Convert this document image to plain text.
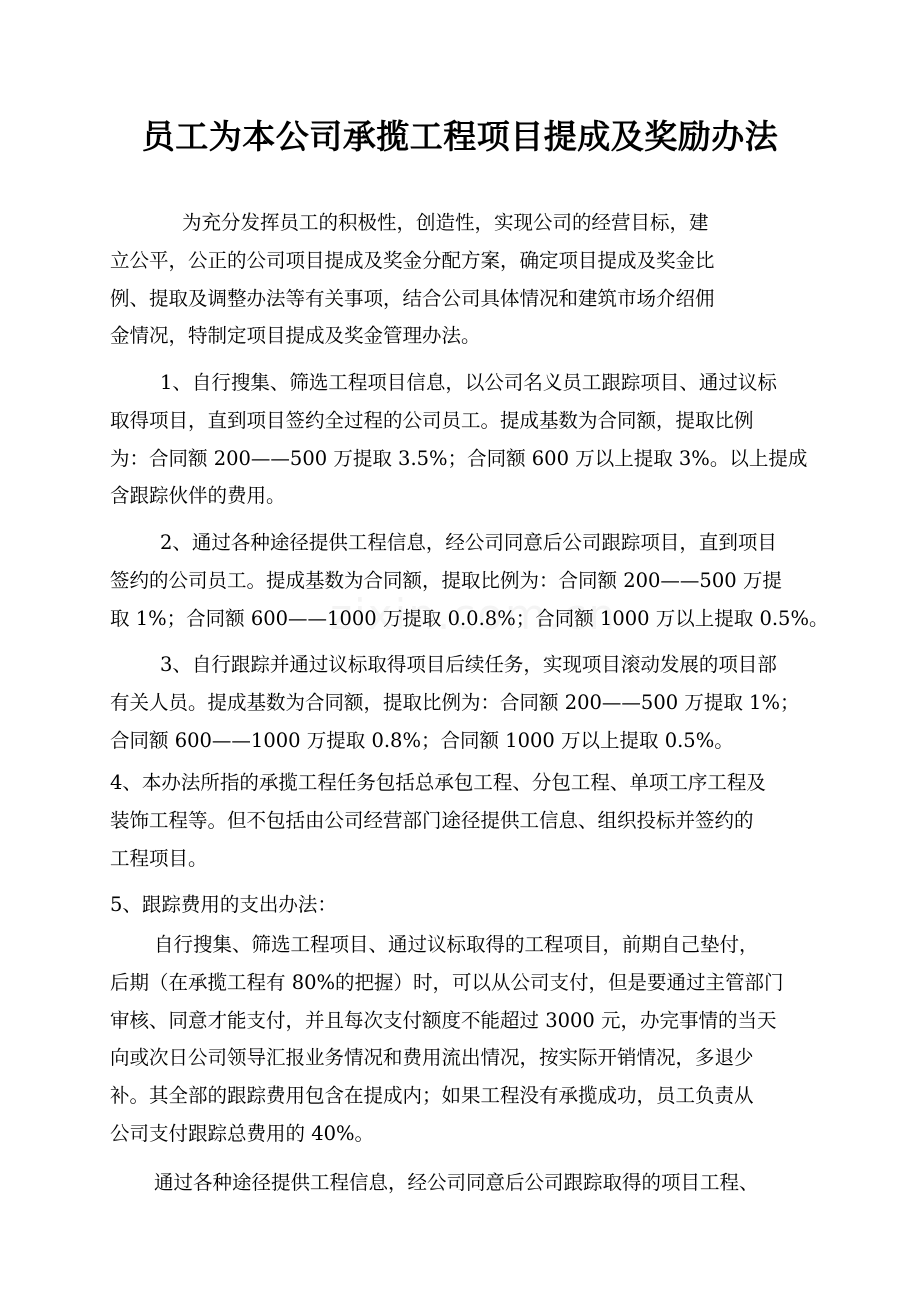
员工为本公司承揽工程项目提成及奖励办法
为充分发挥员工的积极性，创造性，实现公司的经营目标，建
立公平，公正的公司项目提成及奖金分配方案，确定项目提成及奖金比
例、提取及调整办法等有关事项，结合公司具体情况和建筑市场介绍佣
金情况，特制定项目提成及奖金管理办法。
1、自行搜集、筛选工程项目信息，以公司名义员工跟踪项目、通过议标
取得项目，直到项目签约全过程的公司员工。提成基数为合同额，提取比例
为：合同额 200——500 万提取 3.5%；合同额 600 万以上提取 3%。以上提成
含跟踪伙伴的费用。
2、通过各种途径提供工程信息，经公司同意后公司跟踪项目，直到项目
签约的公司员工。提成基数为合同额，提取比例为：合同额 200——500 万提
取 1%；合同额 600——1000 万提取 0.0.8%；合同额 1000 万以上提取 0.5%。
3、自行跟踪并通过议标取得项目后续任务，实现项目滚动发展的项目部
有关人员。提成基数为合同额，提取比例为：合同额 200——500 万提取 1%；
合同额 600——1000 万提取 0.8%；合同额 1000 万以上提取 0.5%。
4、本办法所指的承揽工程任务包括总承包工程、分包工程、单项工序工程及
装饰工程等。但不包括由公司经营部门途径提供工信息、组织投标并签约的
工程项目。
5、跟踪费用的支出办法：
自行搜集、筛选工程项目、通过议标取得的工程项目，前期自己垫付，
后期（在承揽工程有 80%的把握）时，可以从公司支付，但是要通过主管部门
审核、同意才能支付，并且每次支付额度不能超过 3000 元，办完事情的当天
向或次日公司领导汇报业务情况和费用流出情况，按实际开销情况，多退少
补。其全部的跟踪费用包含在提成内；如果工程没有承揽成功，员工负责从
公司支付跟踪总费用的 40%。
通过各种途径提供工程信息，经公司同意后公司跟踪取得的项目工程、
